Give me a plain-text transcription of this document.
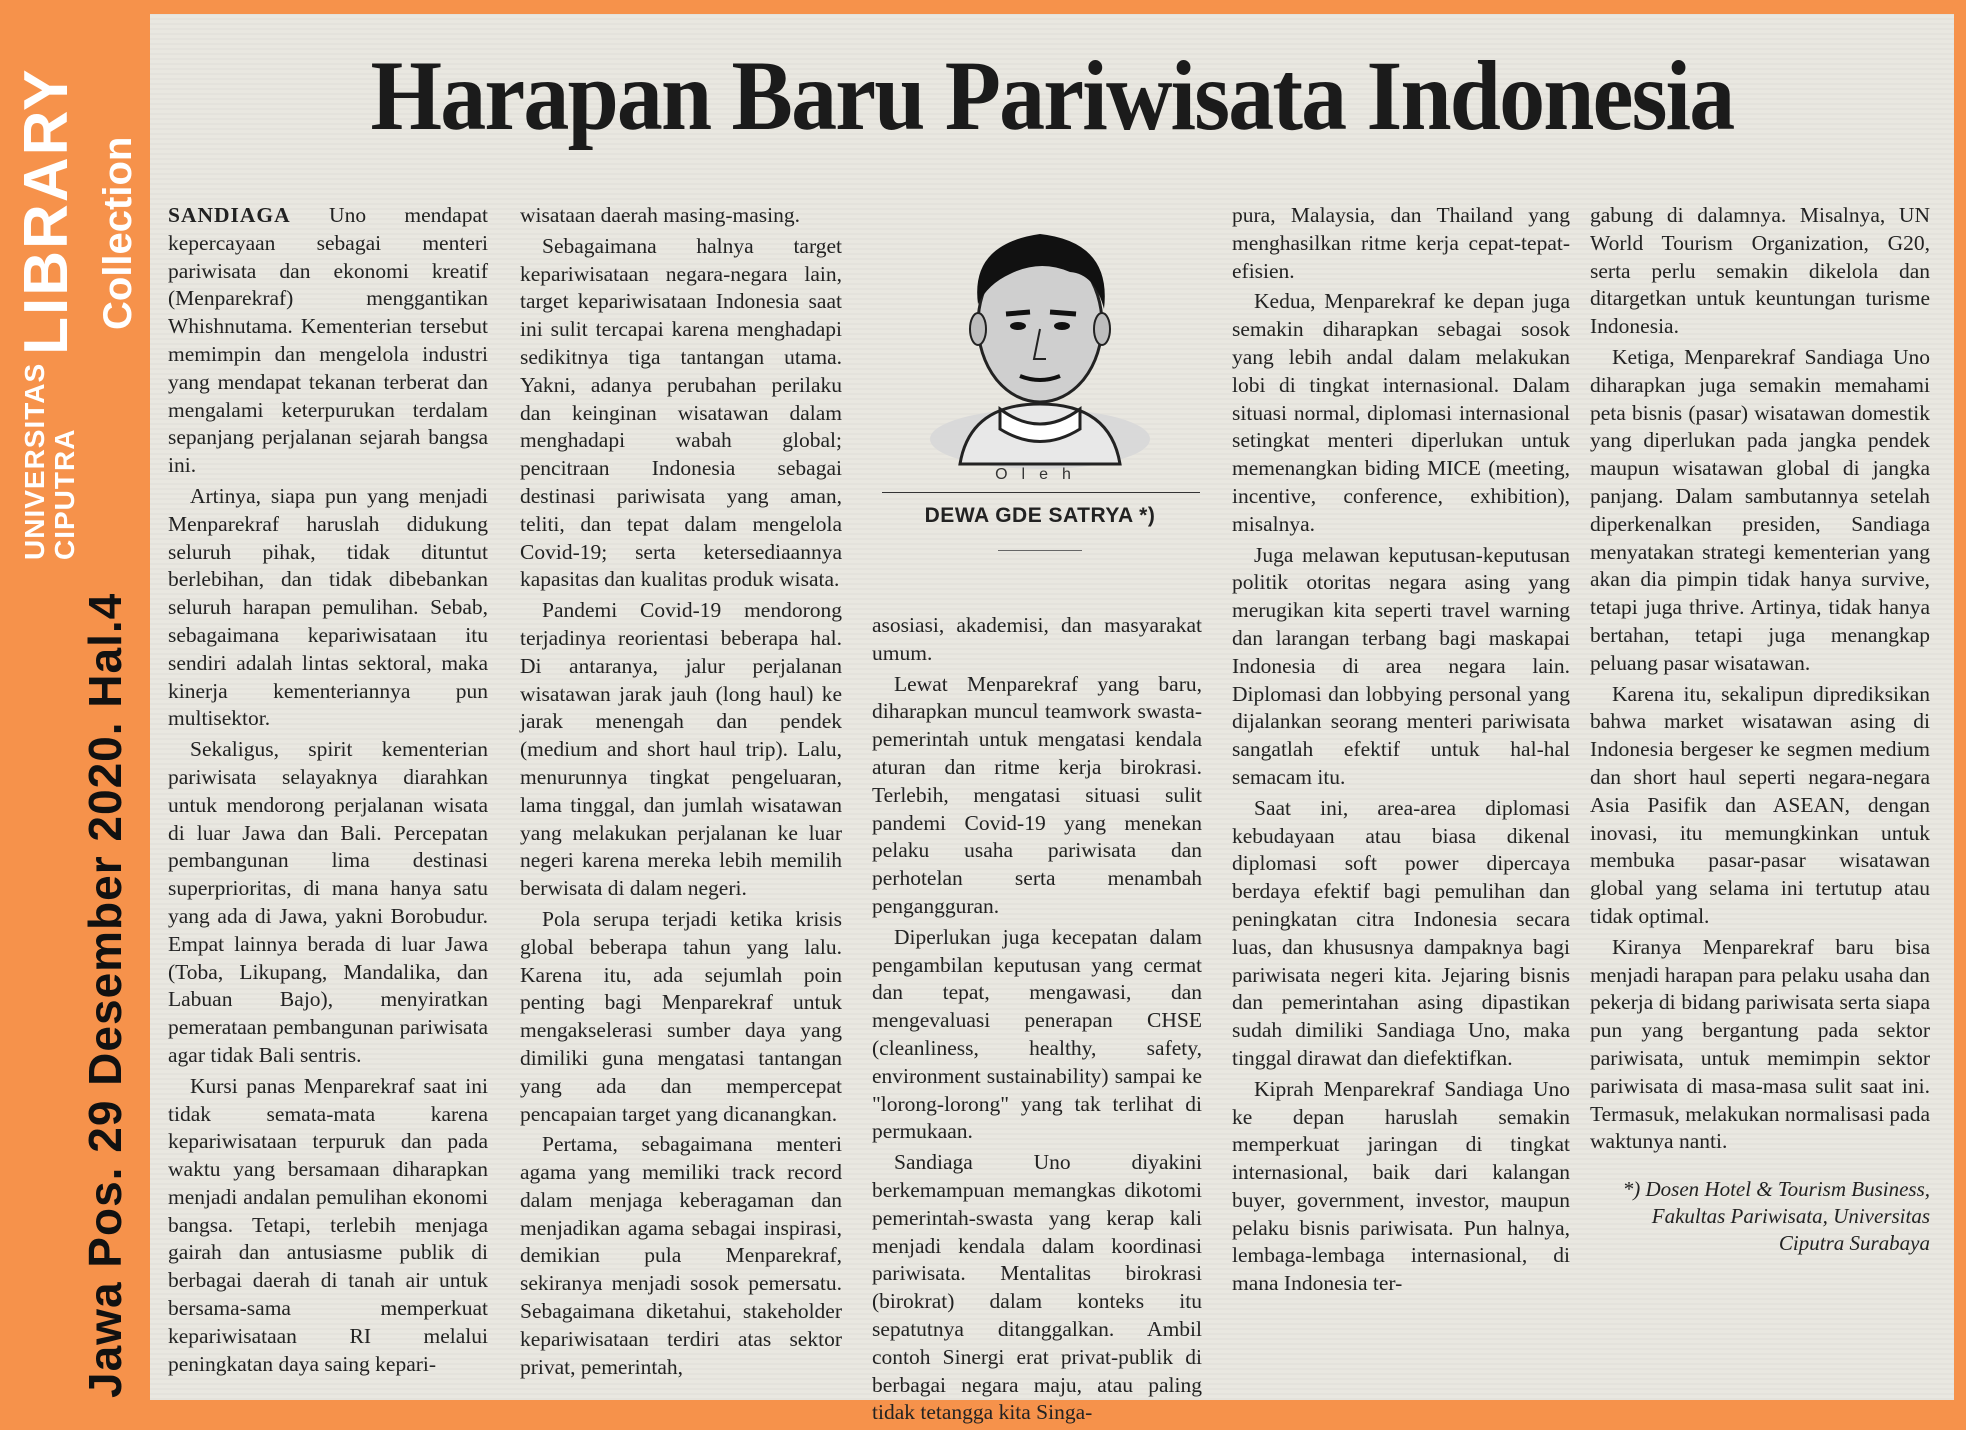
UNIVERSITAS
CIPUTRALIBRARY Collection
Jawa Pos. 29 Desember 2020. Hal.4
Harapan Baru Pariwisata Indonesia

SANDIAGA Uno mendapat kepercayaan sebagai menteri pariwisata dan ekonomi kreatif (Menparekraf) menggantikan Whishnutama. Kementerian tersebut memimpin dan mengelola industri yang mendapat tekanan terberat dan mengalami keterpurukan terdalam sepanjang perjalanan sejarah bangsa ini.

Artinya, siapa pun yang menjadi Menparekraf haruslah didukung seluruh pihak, tidak dituntut berlebihan, dan tidak dibebankan seluruh harapan pemulihan. Sebab, sebagaimana kepariwisataan itu sendiri adalah lintas sektoral, maka kinerja kementeriannya pun multisektor.

Sekaligus, spirit kementerian pariwisata selayaknya diarahkan untuk mendorong perjalanan wisata di luar Jawa dan Bali. Percepatan pembangunan lima destinasi superprioritas, di mana hanya satu yang ada di Jawa, yakni Borobudur. Empat lainnya berada di luar Jawa (Toba, Likupang, Mandalika, dan Labuan Bajo), menyiratkan pemerataan pembangunan pariwisata agar tidak Bali sentris.

Kursi panas Menparekraf saat ini tidak semata-mata karena kepariwisataan terpuruk dan pada waktu yang bersamaan diharapkan menjadi andalan pemulihan ekonomi bangsa. Tetapi, terlebih menjaga gairah dan antusiasme publik di berbagai daerah di tanah air untuk bersama-sama memperkuat kepariwisataan RI melalui peningkatan daya saing kepari-

wisataan daerah masing-masing.

Sebagaimana halnya target kepariwisataan negara-negara lain, target kepariwisataan Indonesia saat ini sulit tercapai karena menghadapi sedikitnya tiga tantangan utama. Yakni, adanya perubahan perilaku dan keinginan wisatawan dalam menghadapi wabah global; pencitraan Indonesia sebagai destinasi pariwisata yang aman, teliti, dan tepat dalam mengelola Covid-19; serta ketersediaannya kapasitas dan kualitas produk wisata.

Pandemi Covid-19 mendorong terjadinya reorientasi beberapa hal. Di antaranya, jalur perjalanan wisatawan jarak jauh (long haul) ke jarak menengah dan pendek (medium and short haul trip). Lalu, menurunnya tingkat pengeluaran, lama tinggal, dan jumlah wisatawan yang melakukan perjalanan ke luar negeri karena mereka lebih memilih berwisata di dalam negeri.

Pola serupa terjadi ketika krisis global beberapa tahun yang lalu. Karena itu, ada sejumlah poin penting bagi Menparekraf untuk mengakselerasi sumber daya yang dimiliki guna mengatasi tantangan yang ada dan mempercepat pencapaian target yang dicanangkan.

Pertama, sebagaimana menteri agama yang memiliki track record dalam menjaga keberagaman dan menjadikan agama sebagai inspirasi, demikian pula Menparekraf, sekiranya menjadi sosok pemersatu. Sebagaimana diketahui, stakeholder kepariwisataan terdiri atas sektor privat, pemerintah,

asosiasi, akademisi, dan masyarakat umum.

Lewat Menparekraf yang baru, diharapkan muncul teamwork swasta-pemerintah untuk mengatasi kendala aturan dan ritme kerja birokrasi. Terlebih, mengatasi situasi sulit pandemi Covid-19 yang menekan pelaku usaha pariwisata dan perhotelan serta menambah pengangguran.

Diperlukan juga kecepatan dalam pengambilan keputusan yang cermat dan tepat, mengawasi, dan mengevaluasi penerapan CHSE (cleanliness, healthy, safety, environment sustainability) sampai ke "lorong-lorong" yang tak terlihat di permukaan.

Sandiaga Uno diyakini berkemampuan memangkas dikotomi pemerintah-swasta yang kerap kali menjadi kendala dalam koordinasi pariwisata. Mentalitas birokrasi (birokrat) dalam konteks itu sepatutnya ditanggalkan. Ambil contoh Sinergi erat privat-publik di berbagai negara maju, atau paling tidak tetangga kita Singa-

pura, Malaysia, dan Thailand yang menghasilkan ritme kerja cepat-tepat-efisien.

Kedua, Menparekraf ke depan juga semakin diharapkan sebagai sosok yang lebih andal dalam melakukan lobi di tingkat internasional. Dalam situasi normal, diplomasi internasional setingkat menteri diperlukan untuk memenangkan biding MICE (meeting, incentive, conference, exhibition), misalnya.

Juga melawan keputusan-keputusan politik otoritas negara asing yang merugikan kita seperti travel warning dan larangan terbang bagi maskapai Indonesia di area negara lain. Diplomasi dan lobbying personal yang dijalankan seorang menteri pariwisata sangatlah efektif untuk hal-hal semacam itu.

Saat ini, area-area diplomasi kebudayaan atau biasa dikenal diplomasi soft power dipercaya berdaya efektif bagi pemulihan dan peningkatan citra Indonesia secara luas, dan khususnya dampaknya bagi pariwisata negeri kita. Jejaring bisnis dan pemerintahan asing dipastikan sudah dimiliki Sandiaga Uno, maka tinggal dirawat dan diefektifkan.

Kiprah Menparekraf Sandiaga Uno ke depan haruslah semakin memperkuat jaringan di tingkat internasional, baik dari kalangan buyer, government, investor, maupun pelaku bisnis pariwisata. Pun halnya, lembaga-lembaga internasional, di mana Indonesia ter-

gabung di dalamnya. Misalnya, UN World Tourism Organization, G20, serta perlu semakin dikelola dan ditargetkan untuk keuntungan turisme Indonesia.

Ketiga, Menparekraf Sandiaga Uno diharapkan juga semakin memahami peta bisnis (pasar) wisatawan domestik yang diperlukan pada jangka pendek maupun wisatawan global di jangka panjang. Dalam sambutannya setelah diperkenalkan presiden, Sandiaga menyatakan strategi kementerian yang akan dia pimpin tidak hanya survive, tetapi juga thrive. Artinya, tidak hanya bertahan, tetapi juga menangkap peluang pasar wisatawan.

Karena itu, sekalipun diprediksikan bahwa market wisatawan asing di Indonesia bergeser ke segmen medium dan short haul seperti negara-negara Asia Pasifik dan ASEAN, dengan inovasi, itu memungkinkan untuk membuka pasar-pasar wisatawan global yang selama ini tertutup atau tidak optimal.

Kiranya Menparekraf baru bisa menjadi harapan para pelaku usaha dan pekerja di bidang pariwisata serta siapa pun yang bergantung pada sektor pariwisata, untuk memimpin sektor pariwisata di masa-masa sulit saat ini. Termasuk, melakukan normalisasi pada waktunya nanti.

*) Dosen Hotel & Tourism Business, Fakultas Pariwisata, Universitas Ciputra Surabaya

Oleh
DEWA GDE SATRYA *)
